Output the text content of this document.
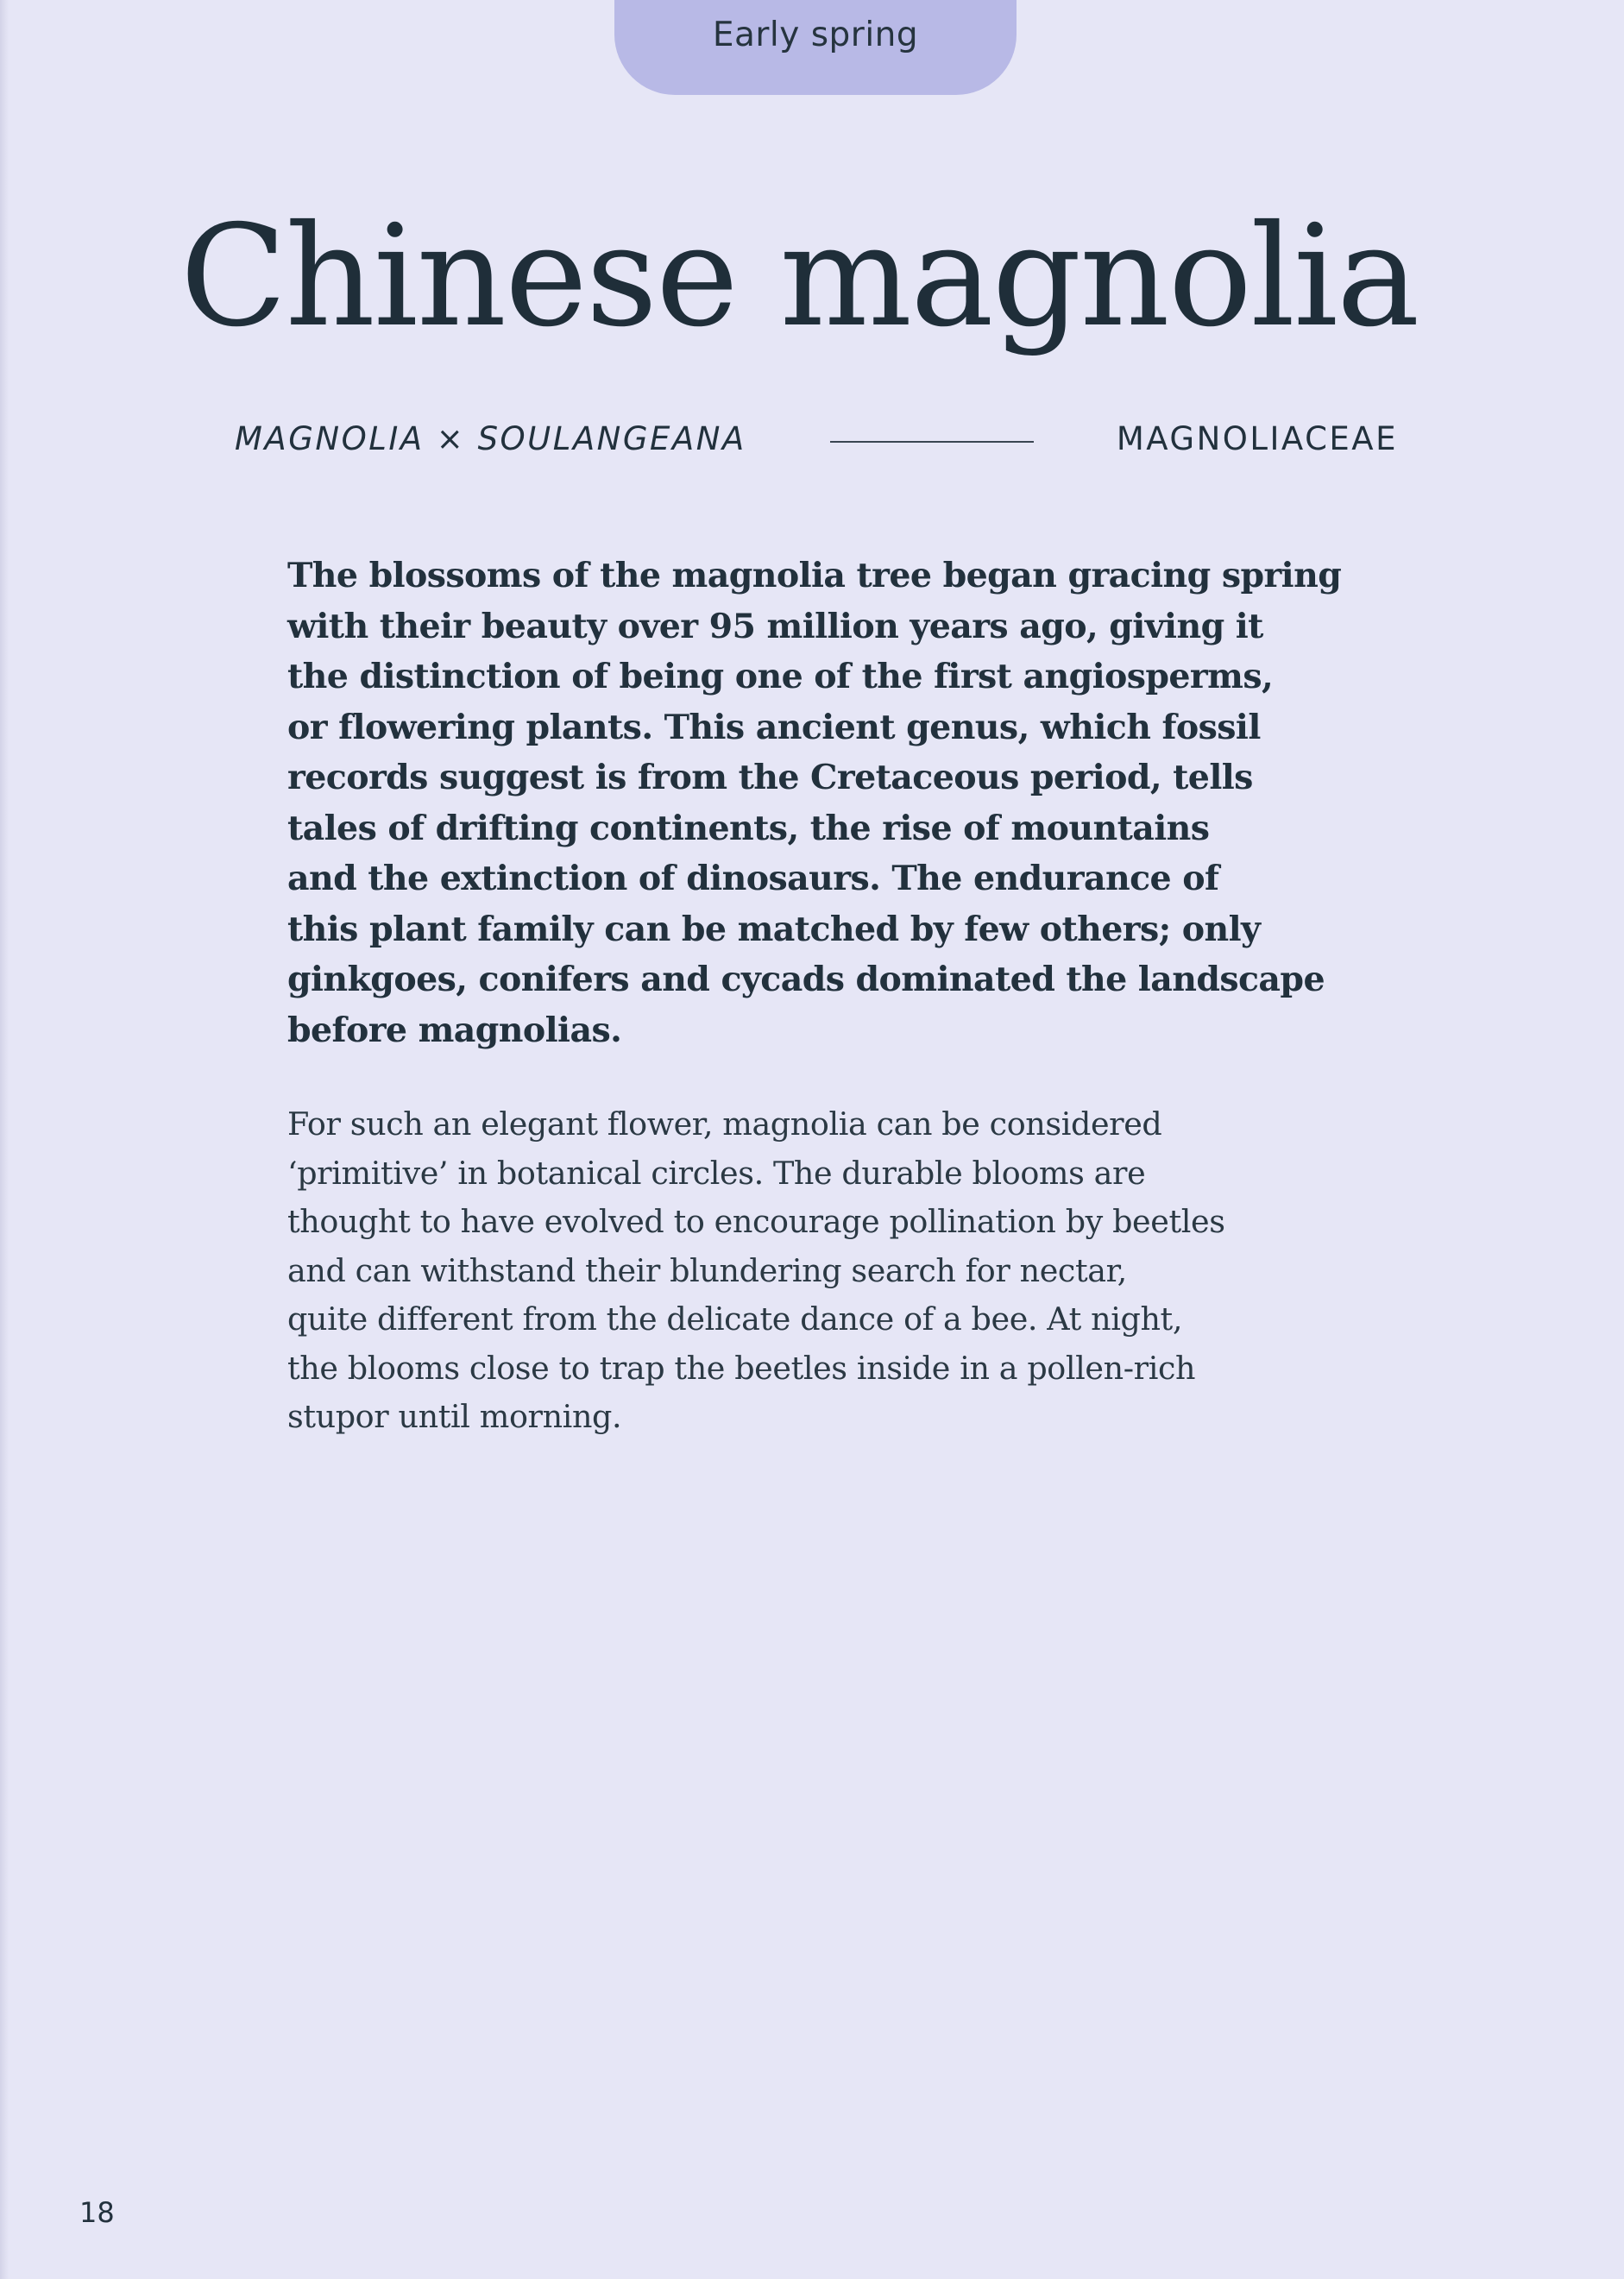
Early spring
Chinese magnolia
MAGNOLIA × SOULANGEANA	MAGNOLIACEAE

The blossoms of the magnolia tree began gracing spring
with their beauty over 95 million years ago, giving it
the distinction of being one of the first angiosperms,
or flowering plants. This ancient genus, which fossil
records suggest is from the Cretaceous period, tells
tales of drifting continents, the rise of mountains
and the extinction of dinosaurs. The endurance of
this plant family can be matched by few others; only
ginkgoes, conifers and cycads dominated the landscape
before magnolias.

For such an elegant flower, magnolia can be considered
‘primitive’ in botanical circles. The durable blooms are
thought to have evolved to encourage pollination by beetles
and can withstand their blundering search for nectar,
quite different from the delicate dance of a bee. At night,
the blooms close to trap the beetles inside in a pollen-rich
stupor until morning.

18
